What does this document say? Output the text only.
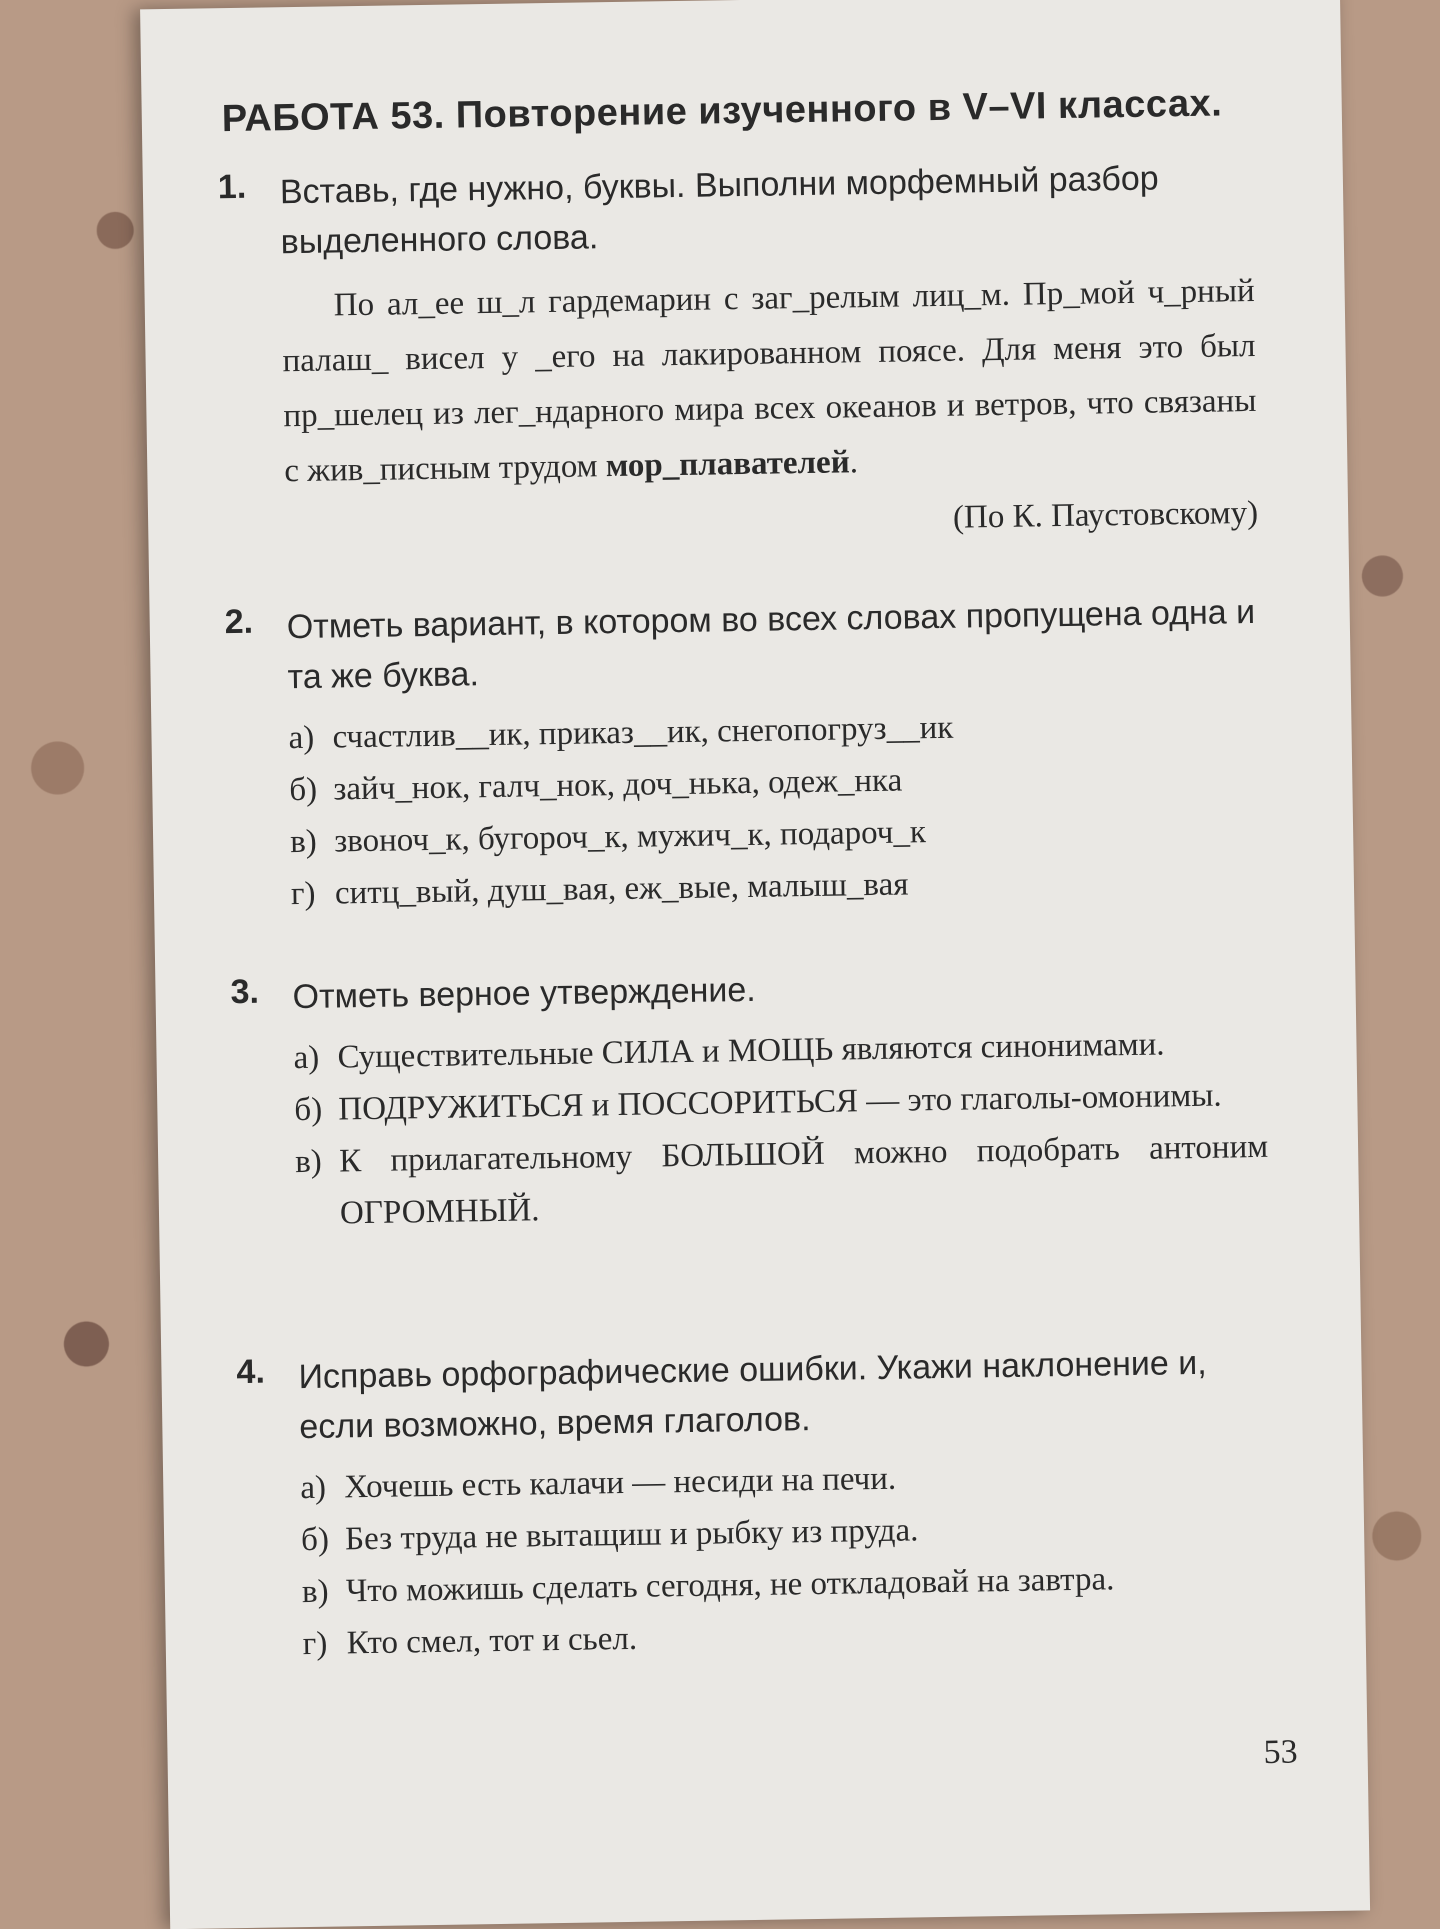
РАБОТА 53. Повторение изученного в V–VI классах.
1. Вставь, где нужно, буквы. Выполни морфемный разбор выделенного слова.
По ал_ее ш_л гардемарин с заг_релым лиц_м. Пр_мой ч_рный палаш_ висел у _его на лакированном поясе. Для меня это был пр_шелец из лег_ндарного мира всех океанов и ветров, что связаны с жив_писным трудом мор_плавателей.
(По К. Паустовскому)
2. Отметь вариант, в котором во всех словах пропущена одна и та же буква.
а) счастлив__ик, приказ__ик, снегопогруз__ик
б) зайч_нок, галч_нок, доч_нька, одеж_нка
в) звоноч_к, бугороч_к, мужич_к, подароч_к
г) ситц_вый, душ_вая, еж_вые, малыш_вая
3. Отметь верное утверждение.
а) Существительные СИЛА и МОЩЬ являются синонимами.
б) ПОДРУЖИТЬСЯ и ПОССОРИТЬСЯ — это глаголы-омонимы.
в) К прилагательному БОЛЬШОЙ можно подобрать антоним ОГРОМНЫЙ.
4. Исправь орфографические ошибки. Укажи наклонение и, если возможно, время глаголов.
а) Хочешь есть калачи — несиди на печи.
б) Без труда не вытащиш и рыбку из пруда.
в) Что можишь сделать сегодня, не откладовай на завтра.
г) Кто смел, тот и сьел.
53
